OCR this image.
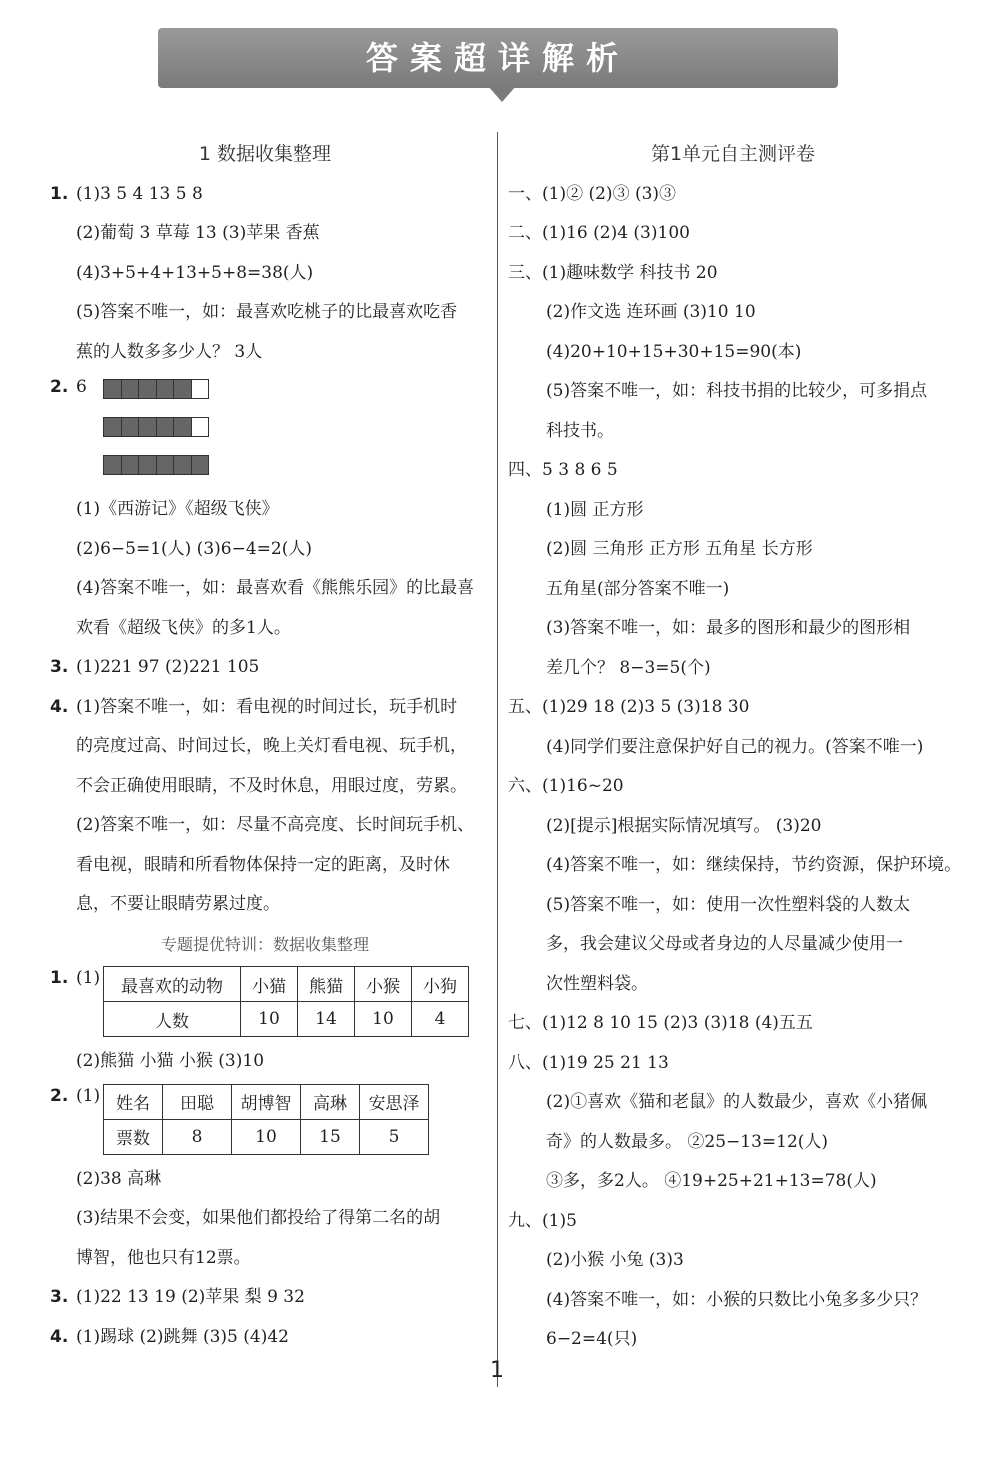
答案超详解析
1 数据收集整理
1. (1)3 5 4 13 5 8
(2)葡萄 3 草莓 13 (3)苹果 香蕉
(4)3+5+4+13+5+8=38(人)
(5)答案不唯一，如：最喜欢吃桃子的比最喜欢吃香
蕉的人数多多少人？ 3人
2. 6
(1)《西游记》《超级飞侠》
(2)6−5=1(人) (3)6−4=2(人)
(4)答案不唯一，如：最喜欢看《熊熊乐园》的比最喜
欢看《超级飞侠》的多1人。
3. (1)221 97 (2)221 105
4. (1)答案不唯一，如：看电视的时间过长，玩手机时
的亮度过高、时间过长，晚上关灯看电视、玩手机，
不会正确使用眼睛，不及时休息，用眼过度，劳累。
(2)答案不唯一，如：尽量不高亮度、长时间玩手机、
看电视，眼睛和所看物体保持一定的距离，及时休
息，不要让眼睛劳累过度。
专题提优特训：数据收集整理
1. (1) 最喜欢的动物	小猫	熊猫	小猴	小狗
人数	10	14	10	4
(2)熊猫 小猫 小猴 (3)10
2. (1) 姓名	田聪	胡博智	高琳	安思泽
票数	8	10	15	5
(2)38 高琳
(3)结果不会变，如果他们都投给了得第二名的胡
博智，他也只有12票。
3. (1)22 13 19 (2)苹果 梨 9 32
4. (1)踢球 (2)跳舞 (3)5 (4)42
第1单元自主测评卷
一、(1)② (2)③ (3)③
二、(1)16 (2)4 (3)100
三、(1)趣味数学 科技书 20
(2)作文选 连环画 (3)10 10
(4)20+10+15+30+15=90(本)
(5)答案不唯一，如：科技书捐的比较少，可多捐点
科技书。
四、5 3 8 6 5
(1)圆 正方形
(2)圆 三角形 正方形 五角星 长方形
五角星(部分答案不唯一)
(3)答案不唯一，如：最多的图形和最少的图形相
差几个？ 8−3=5(个)
五、(1)29 18 (2)3 5 (3)18 30
(4)同学们要注意保护好自己的视力。(答案不唯一)
六、(1)16~20
(2)[提示]根据实际情况填写。 (3)20
(4)答案不唯一，如：继续保持，节约资源，保护环境。
(5)答案不唯一，如：使用一次性塑料袋的人数太
多，我会建议父母或者身边的人尽量减少使用一
次性塑料袋。
七、(1)12 8 10 15 (2)3 (3)18 (4)五五
八、(1)19 25 21 13
(2)①喜欢《猫和老鼠》的人数最少，喜欢《小猪佩
奇》的人数最多。 ②25−13=12(人)
③多，多2人。 ④19+25+21+13=78(人)
九、(1)5
(2)小猴 小兔 (3)3
(4)答案不唯一，如：小猴的只数比小兔多多少只？
6−2=4(只)
1
